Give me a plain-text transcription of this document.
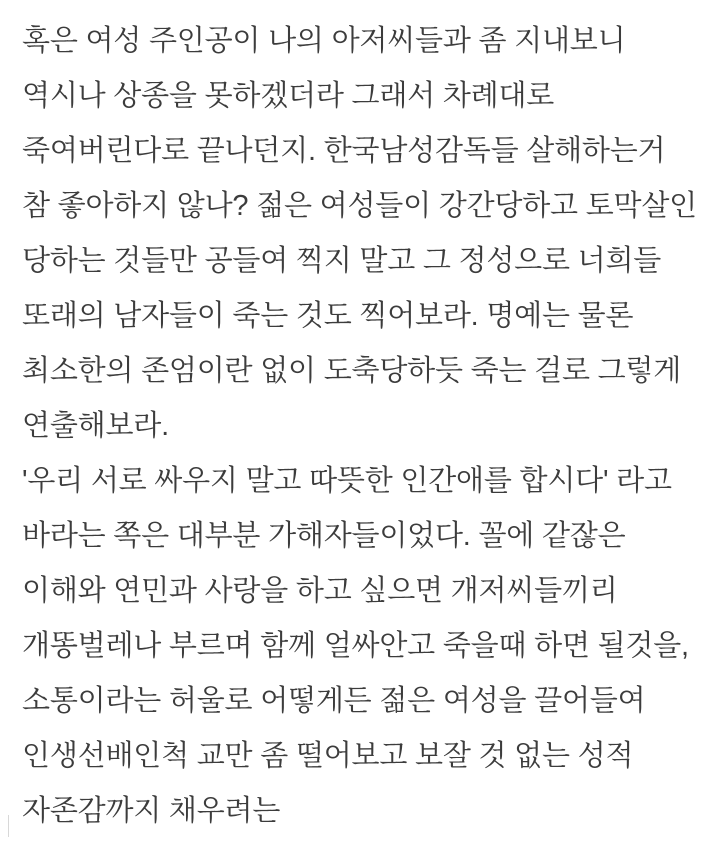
혹은 여성 주인공이 나의 아저씨들과 좀 지내보니 역시나 상종을 못하겠더라 그래서 차례대로 죽여버린다로 끝나던지. 한국남성감독들 살해하는거 참 좋아하지 않나? 젊은 여성들이 강간당하고 토막살인 당하는 것들만 공들여 찍지 말고 그 정성으로 너희들 또래의 남자들이 죽는 것도 찍어보라. 명예는 물론 최소한의 존엄이란 없이 도축당하듯 죽는 걸로 그렇게 연출해보라.

'우리 서로 싸우지 말고 따뜻한 인간애를 합시다' 라고 바라는 쪽은 대부분 가해자들이었다. 꼴에 같잖은 이해와 연민과 사랑을 하고 싶으면 개저씨들끼리 개똥벌레나 부르며 함께 얼싸안고 죽을때 하면 될것을, 소통이라는 허울로 어떻게든 젊은 여성을 끌어들여 인생선배인척 교만 좀 떨어보고 보잘 것 없는 성적 자존감까지 채우려는
